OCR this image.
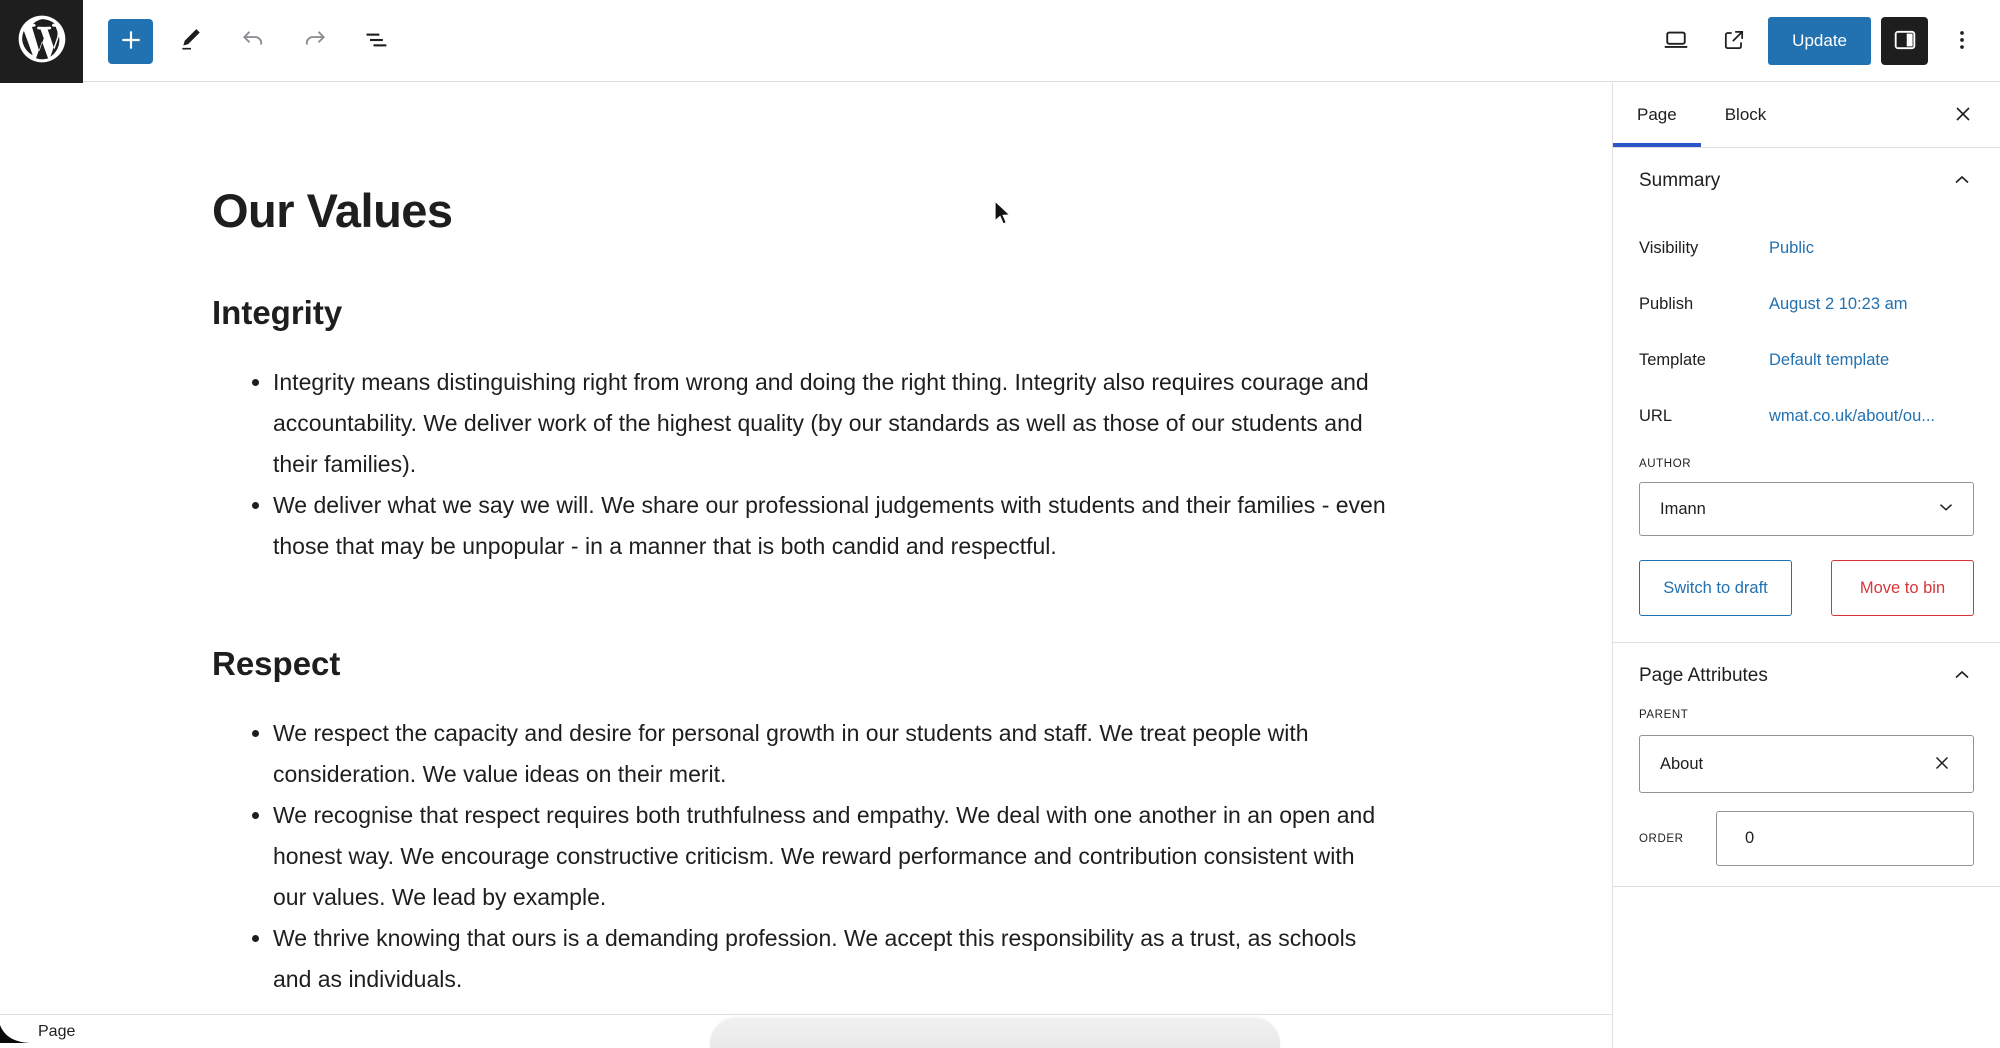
Update
Our Values
Integrity
• Integrity means distinguishing right from wrong and doing the right thing. Integrity also requires courage and accountability. We deliver work of the highest quality (by our standards as well as those of our students and their families).
• We deliver what we say we will. We share our professional judgements with students and their families - even those that may be unpopular - in a manner that is both candid and respectful.
Respect
• We respect the capacity and desire for personal growth in our students and staff. We treat people with consideration. We value ideas on their merit.
• We recognise that respect requires both truthfulness and empathy. We deal with one another in an open and honest way. We encourage constructive criticism. We reward performance and contribution consistent with our values. We lead by example.
• We thrive knowing that ours is a demanding profession. We accept this responsibility as a trust, as schools and as individuals.
Page	Block
Summary
Visibility	Public
Publish	August 2 10:23 am
Template	Default template
URL	wmat.co.uk/about/ou...
AUTHOR
Imann
Switch to draft	Move to bin
Page Attributes
PARENT
About
ORDER
0
Page
